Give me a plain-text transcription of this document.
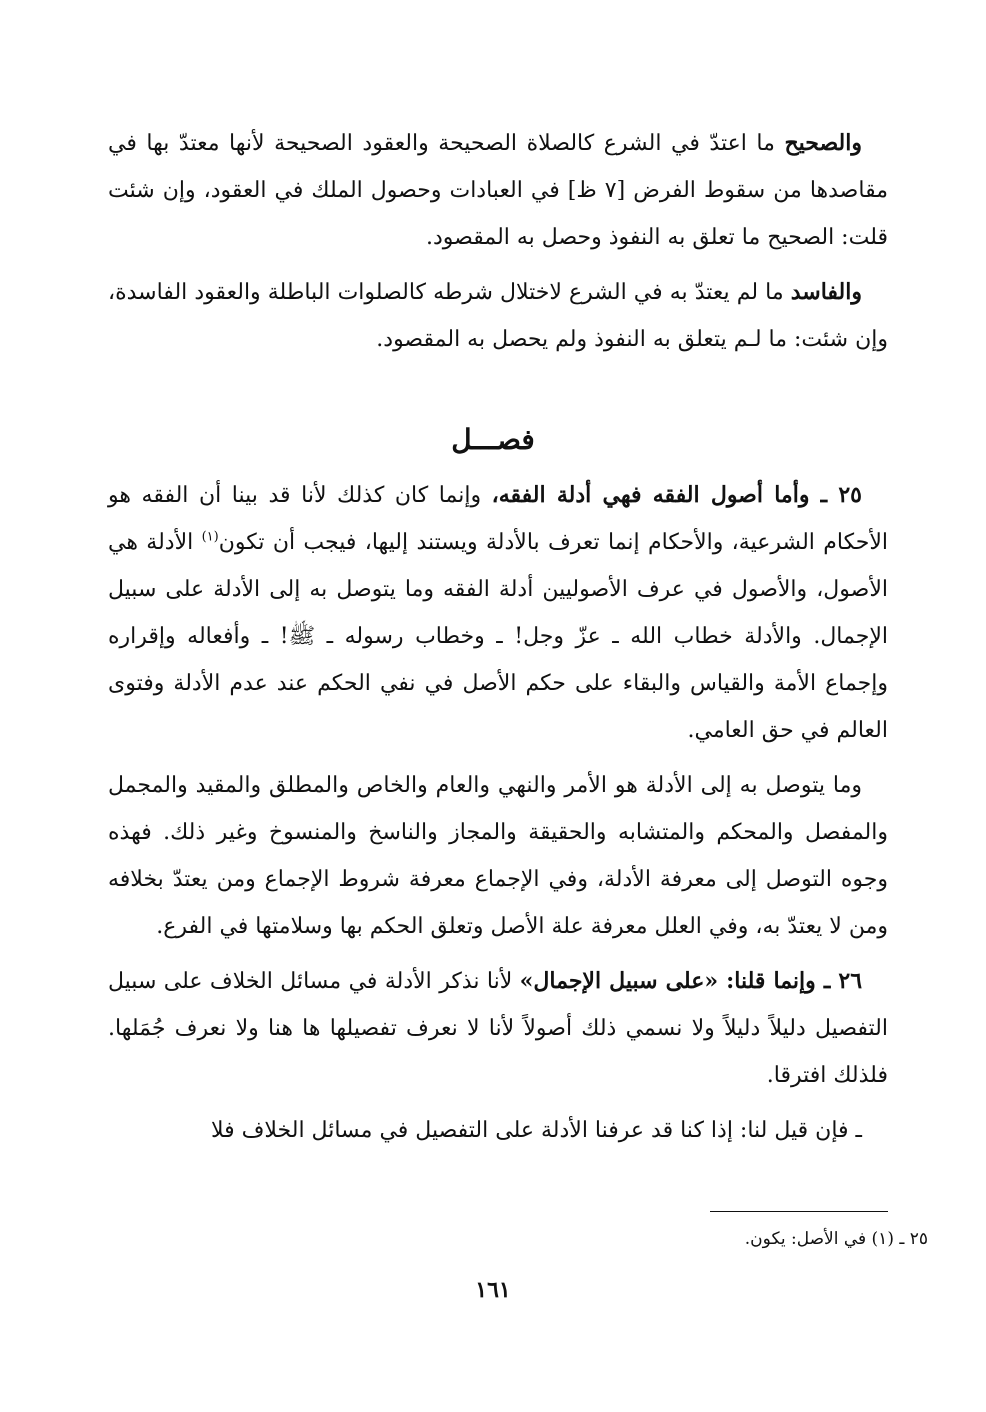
والصحيح ما اعتدّ في الشرع كالصلاة الصحيحة والعقود الصحيحة لأنها معتدّ بها في مقاصدها من سقوط الفرض [٧ ظ] في العبادات وحصول الملك في العقود، وإن شئت قلت: الصحيح ما تعلق به النفوذ وحصل به المقصود.

والفاسد ما لم يعتدّ به في الشرع لاختلال شرطه كالصلوات الباطلة والعقود الفاسدة، وإن شئت: ما لـم يتعلق به النفوذ ولم يحصل به المقصود.

فصـــل

٢٥ ـ وأما أصول الفقه فهي أدلة الفقه، وإنما كان كذلك لأنا قد بينا أن الفقه هو الأحكام الشرعية، والأحكام إنما تعرف بالأدلة ويستند إليها، فيجب أن تكون$^{(١)}$ الأدلة هي الأصول، والأصول في عرف الأصوليين أدلة الفقه وما يتوصل به إلى الأدلة على سبيل الإجمال. والأدلة خطاب الله ـ عزّ وجل! ـ وخطاب رسوله ـ ﷺ! ـ وأفعاله وإقراره وإجماع الأمة والقياس والبقاء على حكم الأصل في نفي الحكم عند عدم الأدلة وفتوى العالم في حق العامي.

وما يتوصل به إلى الأدلة هو الأمر والنهي والعام والخاص والمطلق والمقيد والمجمل والمفصل والمحكم والمتشابه والحقيقة والمجاز والناسخ والمنسوخ وغير ذلك. فهذه وجوه التوصل إلى معرفة الأدلة، وفي الإجماع معرفة شروط الإجماع ومن يعتدّ بخلافه ومن لا يعتدّ به، وفي العلل معرفة علة الأصل وتعلق الحكم بها وسلامتها في الفرع.

٢٦ ـ وإنما قلنا: «على سبيل الإجمال» لأنا نذكر الأدلة في مسائل الخلاف على سبيل التفصيل دليلاً دليلاً ولا نسمي ذلك أصولاً لأنا لا نعرف تفصيلها ها هنا ولا نعرف جُمَلها. فلذلك افترقا.

ـ فإن قيل لنا: إذا كنا قد عرفنا الأدلة على التفصيل في مسائل الخلاف فلا

٢٥ ـ (١) في الأصل: يكون.
١٦١
